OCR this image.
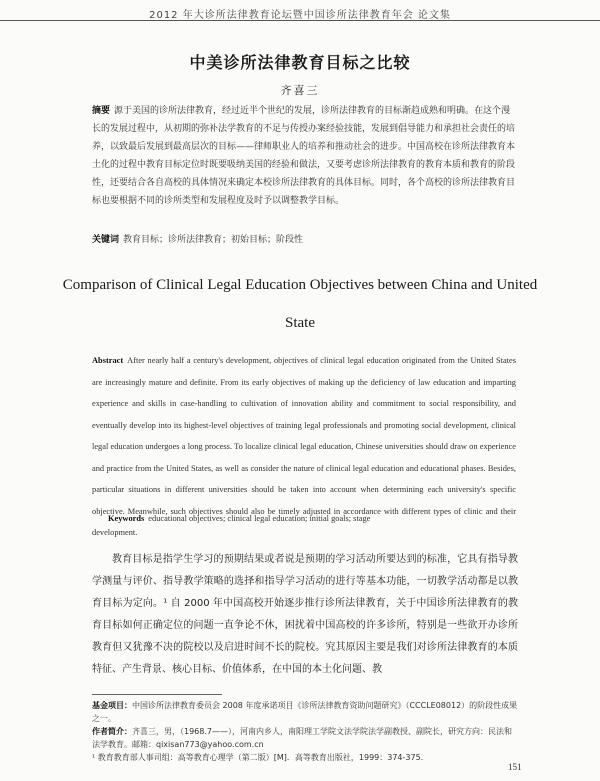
2012 年大诊所法律教育论坛暨中国诊所法律教育年会 论文集
中美诊所法律教育目标之比较
齐喜三
摘要 源于美国的诊所法律教育，经过近半个世纪的发展，诊所法律教育的目标渐趋成熟和明确。在这个漫长的发展过程中，从初期的弥补法学教育的不足与传授办案经验技能，发展到倡导能力和承担社会责任的培养，以致最后发展到最高层次的目标——律师职业人的培养和推动社会的进步。中国高校在诊所法律教育本土化的过程中教育目标定位时既要吸纳美国的经验和做法，又要考虑诊所法律教育的教育本质和教育的阶段性，还要结合各自高校的具体情况来确定本校诊所法律教育的具体目标。同时，各个高校的诊所法律教育目标也要根据不同的诊所类型和发展程度及时予以调整教学目标。
关键词 教育目标；诊所法律教育；初始目标；阶段性
Comparison of Clinical Legal Education Objectives between China and United State
Abstract After nearly half a century's development, objectives of clinical legal education originated from the United States are increasingly mature and definite. From its early objectives of making up the deficiency of law education and imparting experience and skills in case-handling to cultivation of innovation ability and commitment to social responsibility, and eventually develop into its highest-level objectives of training legal professionals and promoting social development, clinical legal education undergoes a long process. To localize clinical legal education, Chinese universities should draw on experience and practice from the United States, as well as consider the nature of clinical legal education and educational phases. Besides, particular situations in different universities should be taken into account when determining each university's specific objective. Meanwhile, such objectives should also be timely adjusted in accordance with different types of clinic and their development.
Keywords educational objectives; clinical legal education; initial goals; stage
教育目标是指学生学习的预期结果或者说是预期的学习活动所要达到的标准，它具有指导教学测量与评价、指导教学策略的选择和指导学习活动的进行等基本功能，一切教学活动都是以教育目标为定向。¹ 自 2000 年中国高校开始逐步推行诊所法律教育，关于中国诊所法律教育的教育目标如何正确定位的问题一直争论不休，困扰着中国高校的许多诊所，特别是一些欲开办诊所教育但又犹豫不决的院校以及启进时间不长的院校。究其原因主要是我们对诊所法律教育的本质特征、产生背景、核心目标、价值体系，在中国的本土化问题、教

基金项目：中国诊所法律教育委员会 2008 年度承诺项目《诊所法律教育资助问题研究》（CCCLE08012）的阶段性成果之一。

作者简介：齐喜三，男，（1968.7——），河南内乡人，南阳理工学院文法学院法学副教授、副院长，研究方向：民法和法学教育。邮箱：qixisan773@yahoo.com.cn

¹ 教育教育部人事司组：高等教育心理学（第二版）[M]．高等教育出版社，1999：374-375.

151
